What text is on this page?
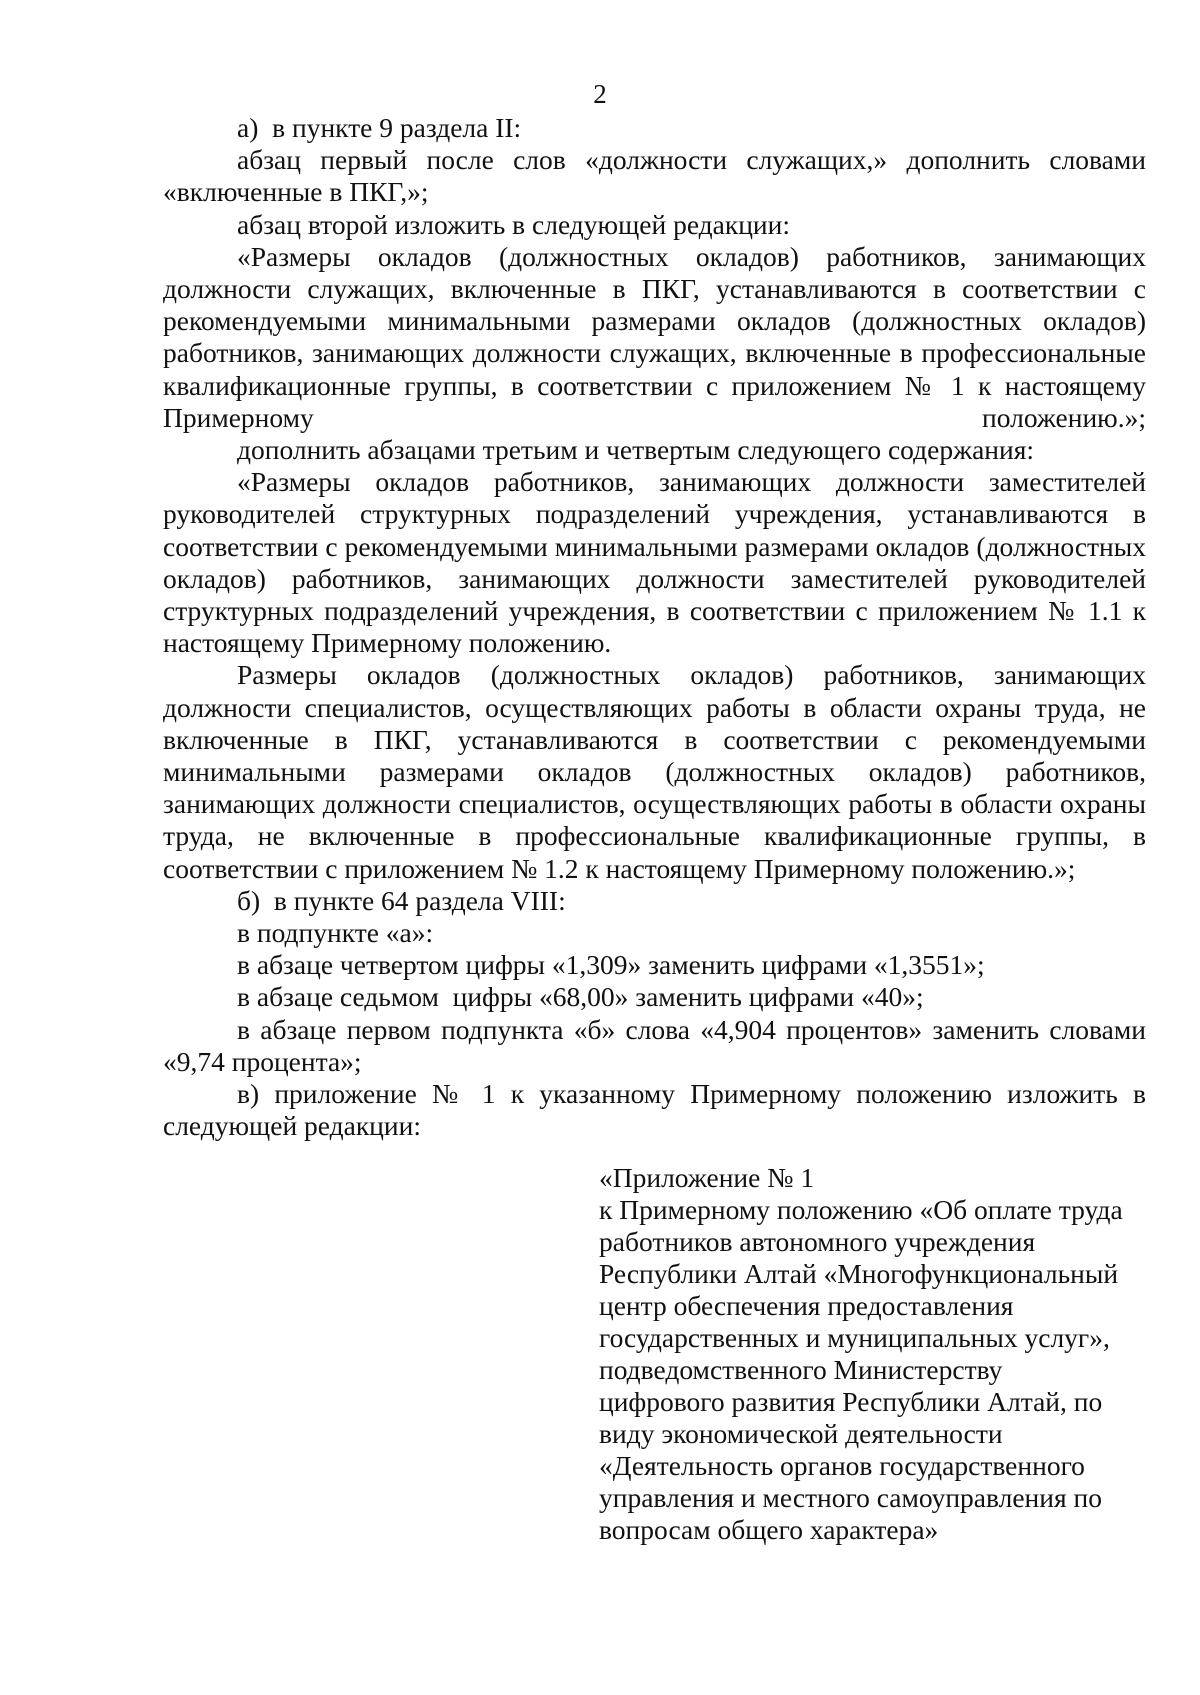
2

а)  в пункте 9 раздела II:

абзац первый после слов «должности служащих,» дополнить словами «включенные в ПКГ,»;

абзац второй изложить в следующей редакции:

«Размеры окладов (должностных окладов) работников, занимающих должности служащих, включенные в ПКГ, устанавливаются в соответствии с рекомендуемыми минимальными размерами окладов (должностных окладов) работников, занимающих должности служащих, включенные в профессиональные квалификационные группы, в соответствии с приложением № 1 к настоящему Примерному положению.»;

дополнить абзацами третьим и четвертым следующего содержания:

«Размеры окладов работников, занимающих должности заместителей руководителей структурных подразделений учреждения, устанавливаются в соответствии с рекомендуемыми минимальными размерами окладов (должностных окладов) работников, занимающих должности заместителей руководителей структурных подразделений учреждения, в соответствии с приложением № 1.1 к настоящему Примерному положению.

Размеры окладов (должностных окладов) работников, занимающих должности специалистов, осуществляющих работы в области охраны труда, не включенные в ПКГ, устанавливаются в соответствии с рекомендуемыми минимальными размерами окладов (должностных окладов) работников, занимающих должности специалистов, осуществляющих работы в области охраны труда, не включенные в профессиональные квалификационные группы, в соответствии с приложением № 1.2 к настоящему Примерному положению.»;

б)  в пункте 64 раздела VIII:

в подпункте «а»:

в абзаце четвертом цифры «1,309» заменить цифрами «1,3551»;

в абзаце седьмом  цифры «68,00» заменить цифрами «40»;

в абзаце первом подпункта «б» слова «4,904 процентов» заменить словами «9,74 процента»;

в) приложение № 1 к указанному Примерному положению изложить в следующей редакции:

«Приложение № 1
к Примерному положению «Об оплате труда
работников автономного учреждения
Республики Алтай «Многофункциональный
центр обеспечения предоставления
государственных и муниципальных услуг»,
подведомственного Министерству
цифрового развития Республики Алтай, по
виду экономической деятельности
«Деятельность органов государственного
управления и местного самоуправления по
вопросам общего характера»
